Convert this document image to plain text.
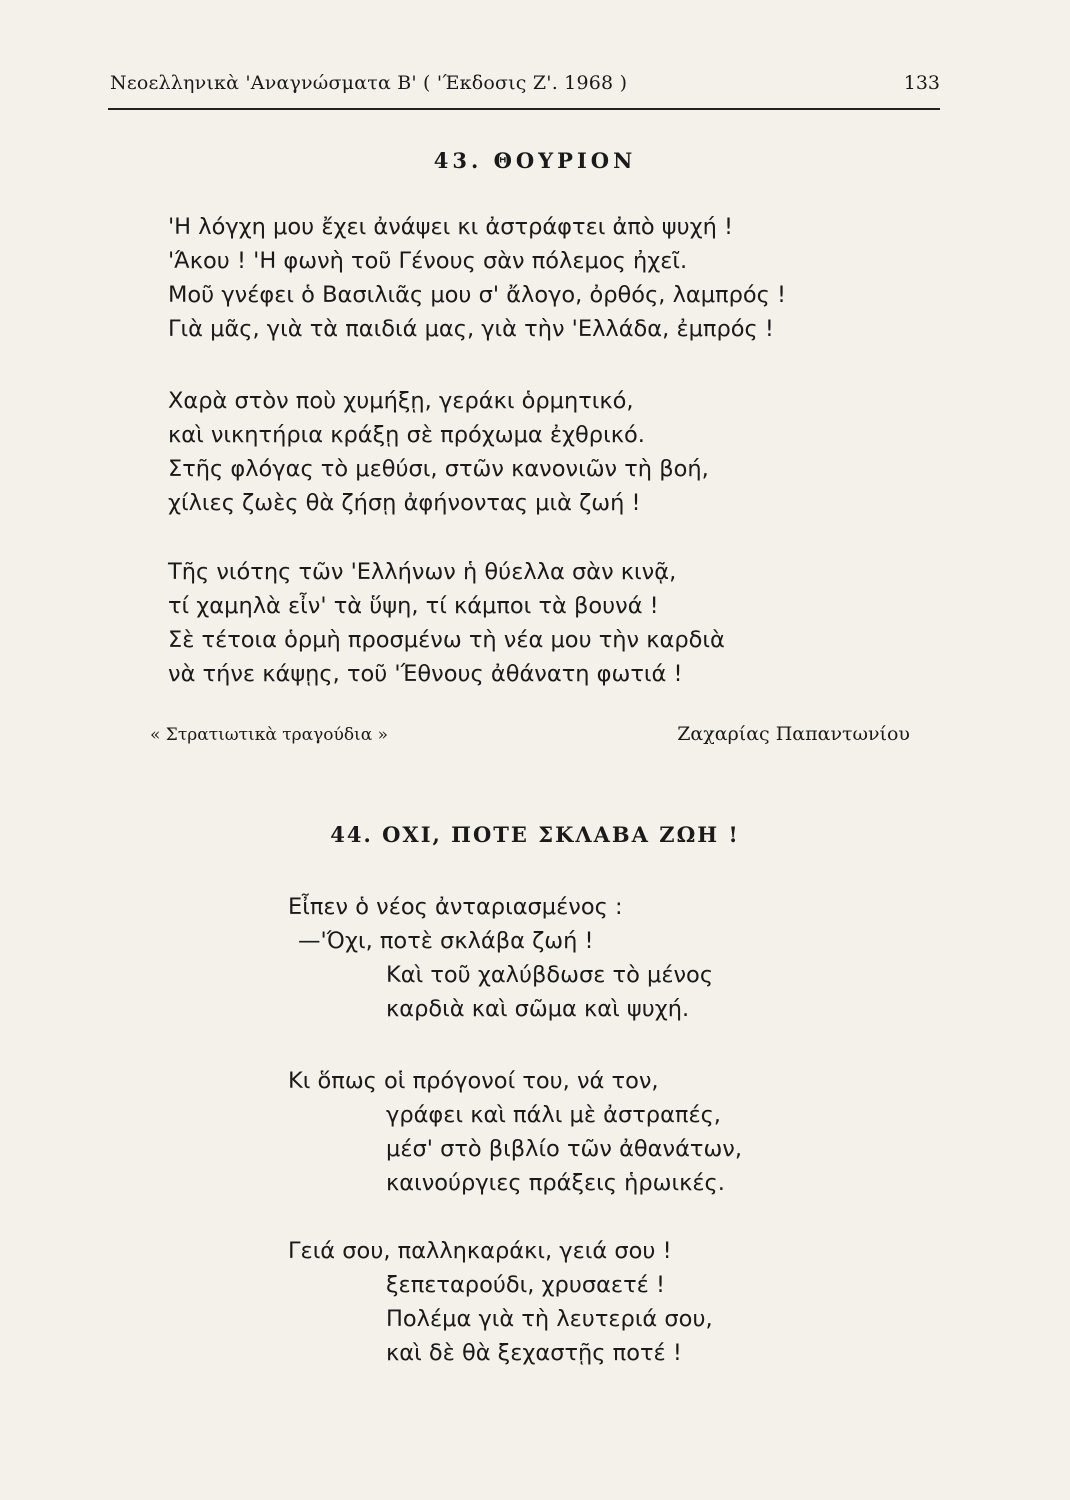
Νεοελληνικὰ 'Αναγνώσματα Β' ( 'Έκδοσις Ζ'. 1968 )	133
43. ΘΟΥΡΙΟΝ
'Η λόγχη μου ἔχει ἀνάψει κι ἀστράφτει ἀπὸ ψυχή !
'Άκου ! 'Η φωνὴ τοῦ Γένους σὰν πόλεμος ἠχεῖ.
Μοῦ γνέφει ὁ Βασιλιᾶς μου σ' ἄλογο, ὀρθός, λαμπρός !
Γιὰ μᾶς, γιὰ τὰ παιδιά μας, γιὰ τὴν 'Ελλάδα, ἐμπρός !
Χαρὰ στὸν ποὺ χυμήξῃ, γεράκι ὁρμητικό,
καὶ νικητήρια κράξῃ σὲ πρόχωμα ἐχθρικό.
Στῆς φλόγας τὸ μεθύσι, στῶν κανονιῶν τὴ βοή,
χίλιες ζωὲς θὰ ζήσῃ ἀφήνοντας μιὰ ζωή !
Τῆς νιότης τῶν 'Ελλήνων ἡ θύελλα σὰν κινᾷ,
τί χαμηλὰ εἶν' τὰ ὕψη, τί κάμποι τὰ βουνά !
Σὲ τέτοια ὁρμὴ προσμένω τὴ νέα μου τὴν καρδιὰ
νὰ τήνε κάψῃς, τοῦ 'Έθνους ἀθάνατη φωτιά !
« Στρατιωτικὰ τραγούδια »	Ζαχαρίας Παπαντωνίου
44. ΟΧΙ, ΠΟΤΕ ΣΚΛΑΒΑ ΖΩΗ !
Εἶπεν ὁ νέος ἀνταριασμένος :
—'Όχι, ποτὲ σκλάβα ζωή !
Καὶ τοῦ χαλύβδωσε τὸ μένος
καρδιὰ καὶ σῶμα καὶ ψυχή.
Κι ὅπως οἱ πρόγονοί του, νά τον,
γράφει καὶ πάλι μὲ ἀστραπές,
μέσ' στὸ βιβλίο τῶν ἀθανάτων,
καινούργιες πράξεις ἡρωικές.
Γειά σου, παλληκαράκι, γειά σου !
ξεπεταρούδι, χρυσαετέ !
Πολέμα γιὰ τὴ λευτεριά σου,
καὶ δὲ θὰ ξεχαστῇς ποτέ !
